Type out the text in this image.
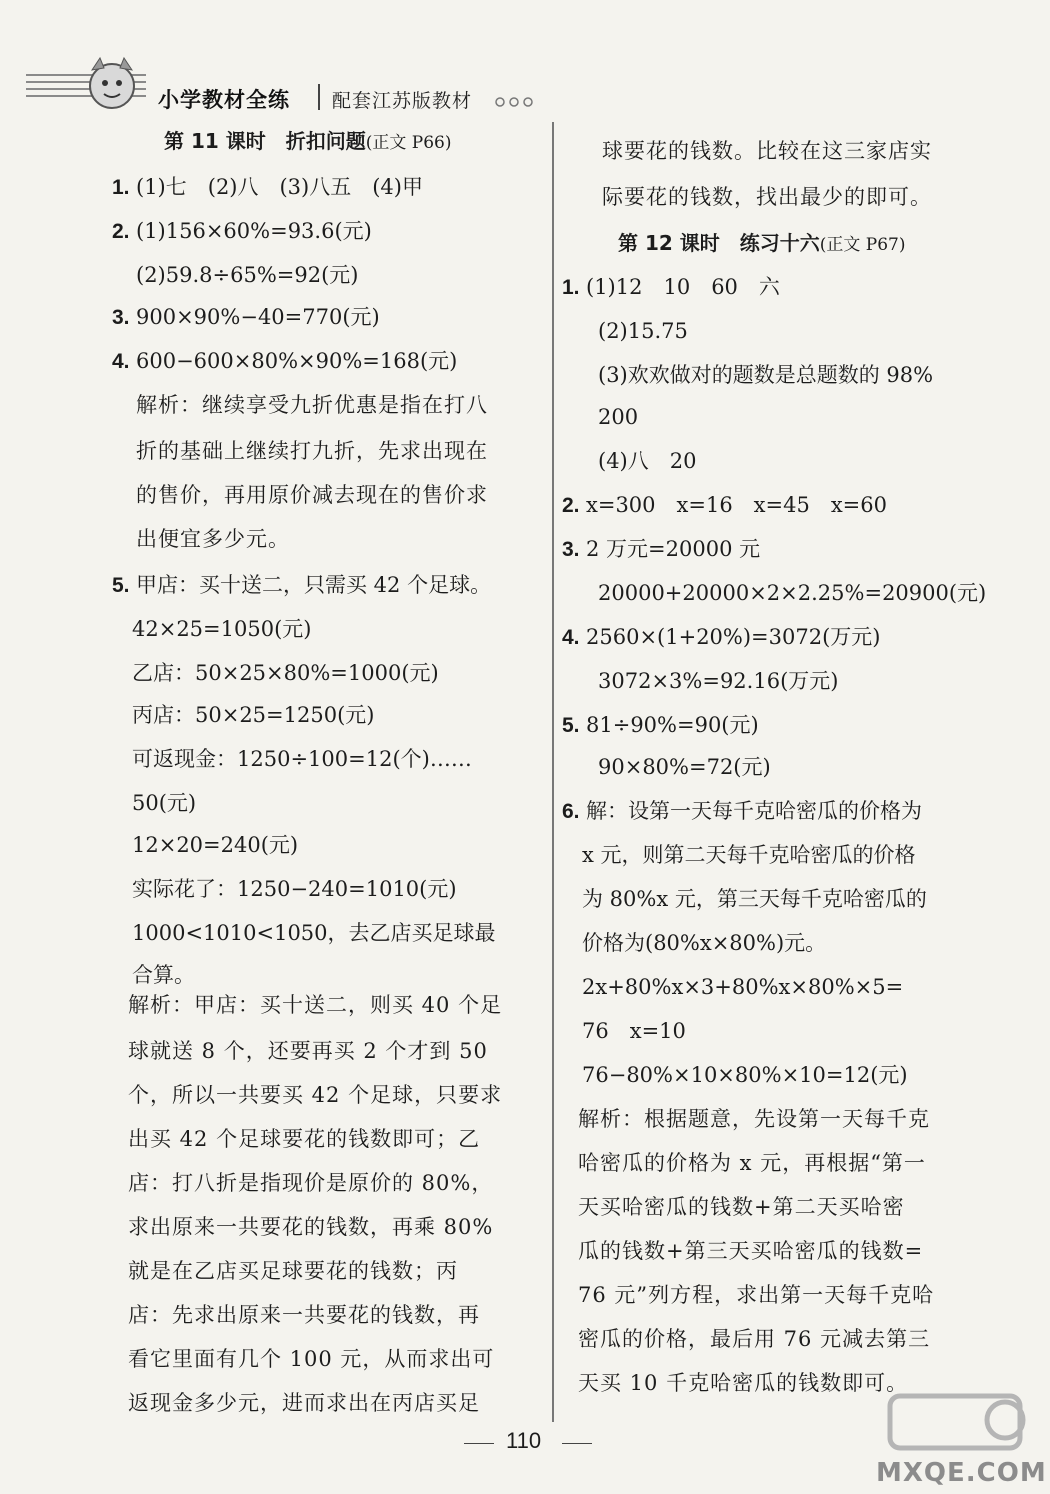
小学教材全练 配套江苏版教材
第 11 课时　折扣问题(正文 P66)
1. (1)七　(2)八　(3)八五　(4)甲
2. (1)156×60%=93.6(元)
(2)59.8÷65%=92(元)
3. 900×90%−40=770(元)
4. 600−600×80%×90%=168(元)
解析：继续享受九折优惠是指在打八
折的基础上继续打九折，先求出现在
的售价，再用原价减去现在的售价求
出便宜多少元。
5. 甲店：买十送二，只需买 42 个足球。
42×25=1050(元)
乙店：50×25×80%=1000(元)
丙店：50×25=1250(元)
可返现金：1250÷100=12(个)……
50(元)
12×20=240(元)
实际花了：1250−240=1010(元)
1000<1010<1050，去乙店买足球最
合算。
解析：甲店：买十送二，则买 40 个足
球就送 8 个，还要再买 2 个才到 50
个，所以一共要买 42 个足球，只要求
出买 42 个足球要花的钱数即可；乙
店：打八折是指现价是原价的 80%，
求出原来一共要花的钱数，再乘 80%
就是在乙店买足球要花的钱数；丙
店：先求出原来一共要花的钱数，再
看它里面有几个 100 元，从而求出可
返现金多少元，进而求出在丙店买足
第 12 课时　练习十六(正文 P67)
球要花的钱数。比较在这三家店实
际要花的钱数，找出最少的即可。
1. (1)12　10　60　六
(2)15.75
(3)欢欢做对的题数是总题数的 98%
200
(4)八　20
2. x=300　x=16　x=45　x=60
3. 2 万元=20000 元
20000+20000×2×2.25%=20900(元)
4. 2560×(1+20%)=3072(万元)
3072×3%=92.16(万元)
5. 81÷90%=90(元)
90×80%=72(元)
6. 解：设第一天每千克哈密瓜的价格为
x 元，则第二天每千克哈密瓜的价格
为 80%x 元，第三天每千克哈密瓜的
价格为(80%x×80%)元。
2x+80%x×3+80%x×80%×5=
76　x=10
76−80%×10×80%×10=12(元)
解析：根据题意，先设第一天每千克
哈密瓜的价格为 x 元，再根据“第一
天买哈密瓜的钱数+第二天买哈密
瓜的钱数+第三天买哈密瓜的钱数=
76 元”列方程，求出第一天每千克哈
密瓜的价格，最后用 76 元减去第三
天买 10 千克哈密瓜的钱数即可。
110
MXQE.COM
